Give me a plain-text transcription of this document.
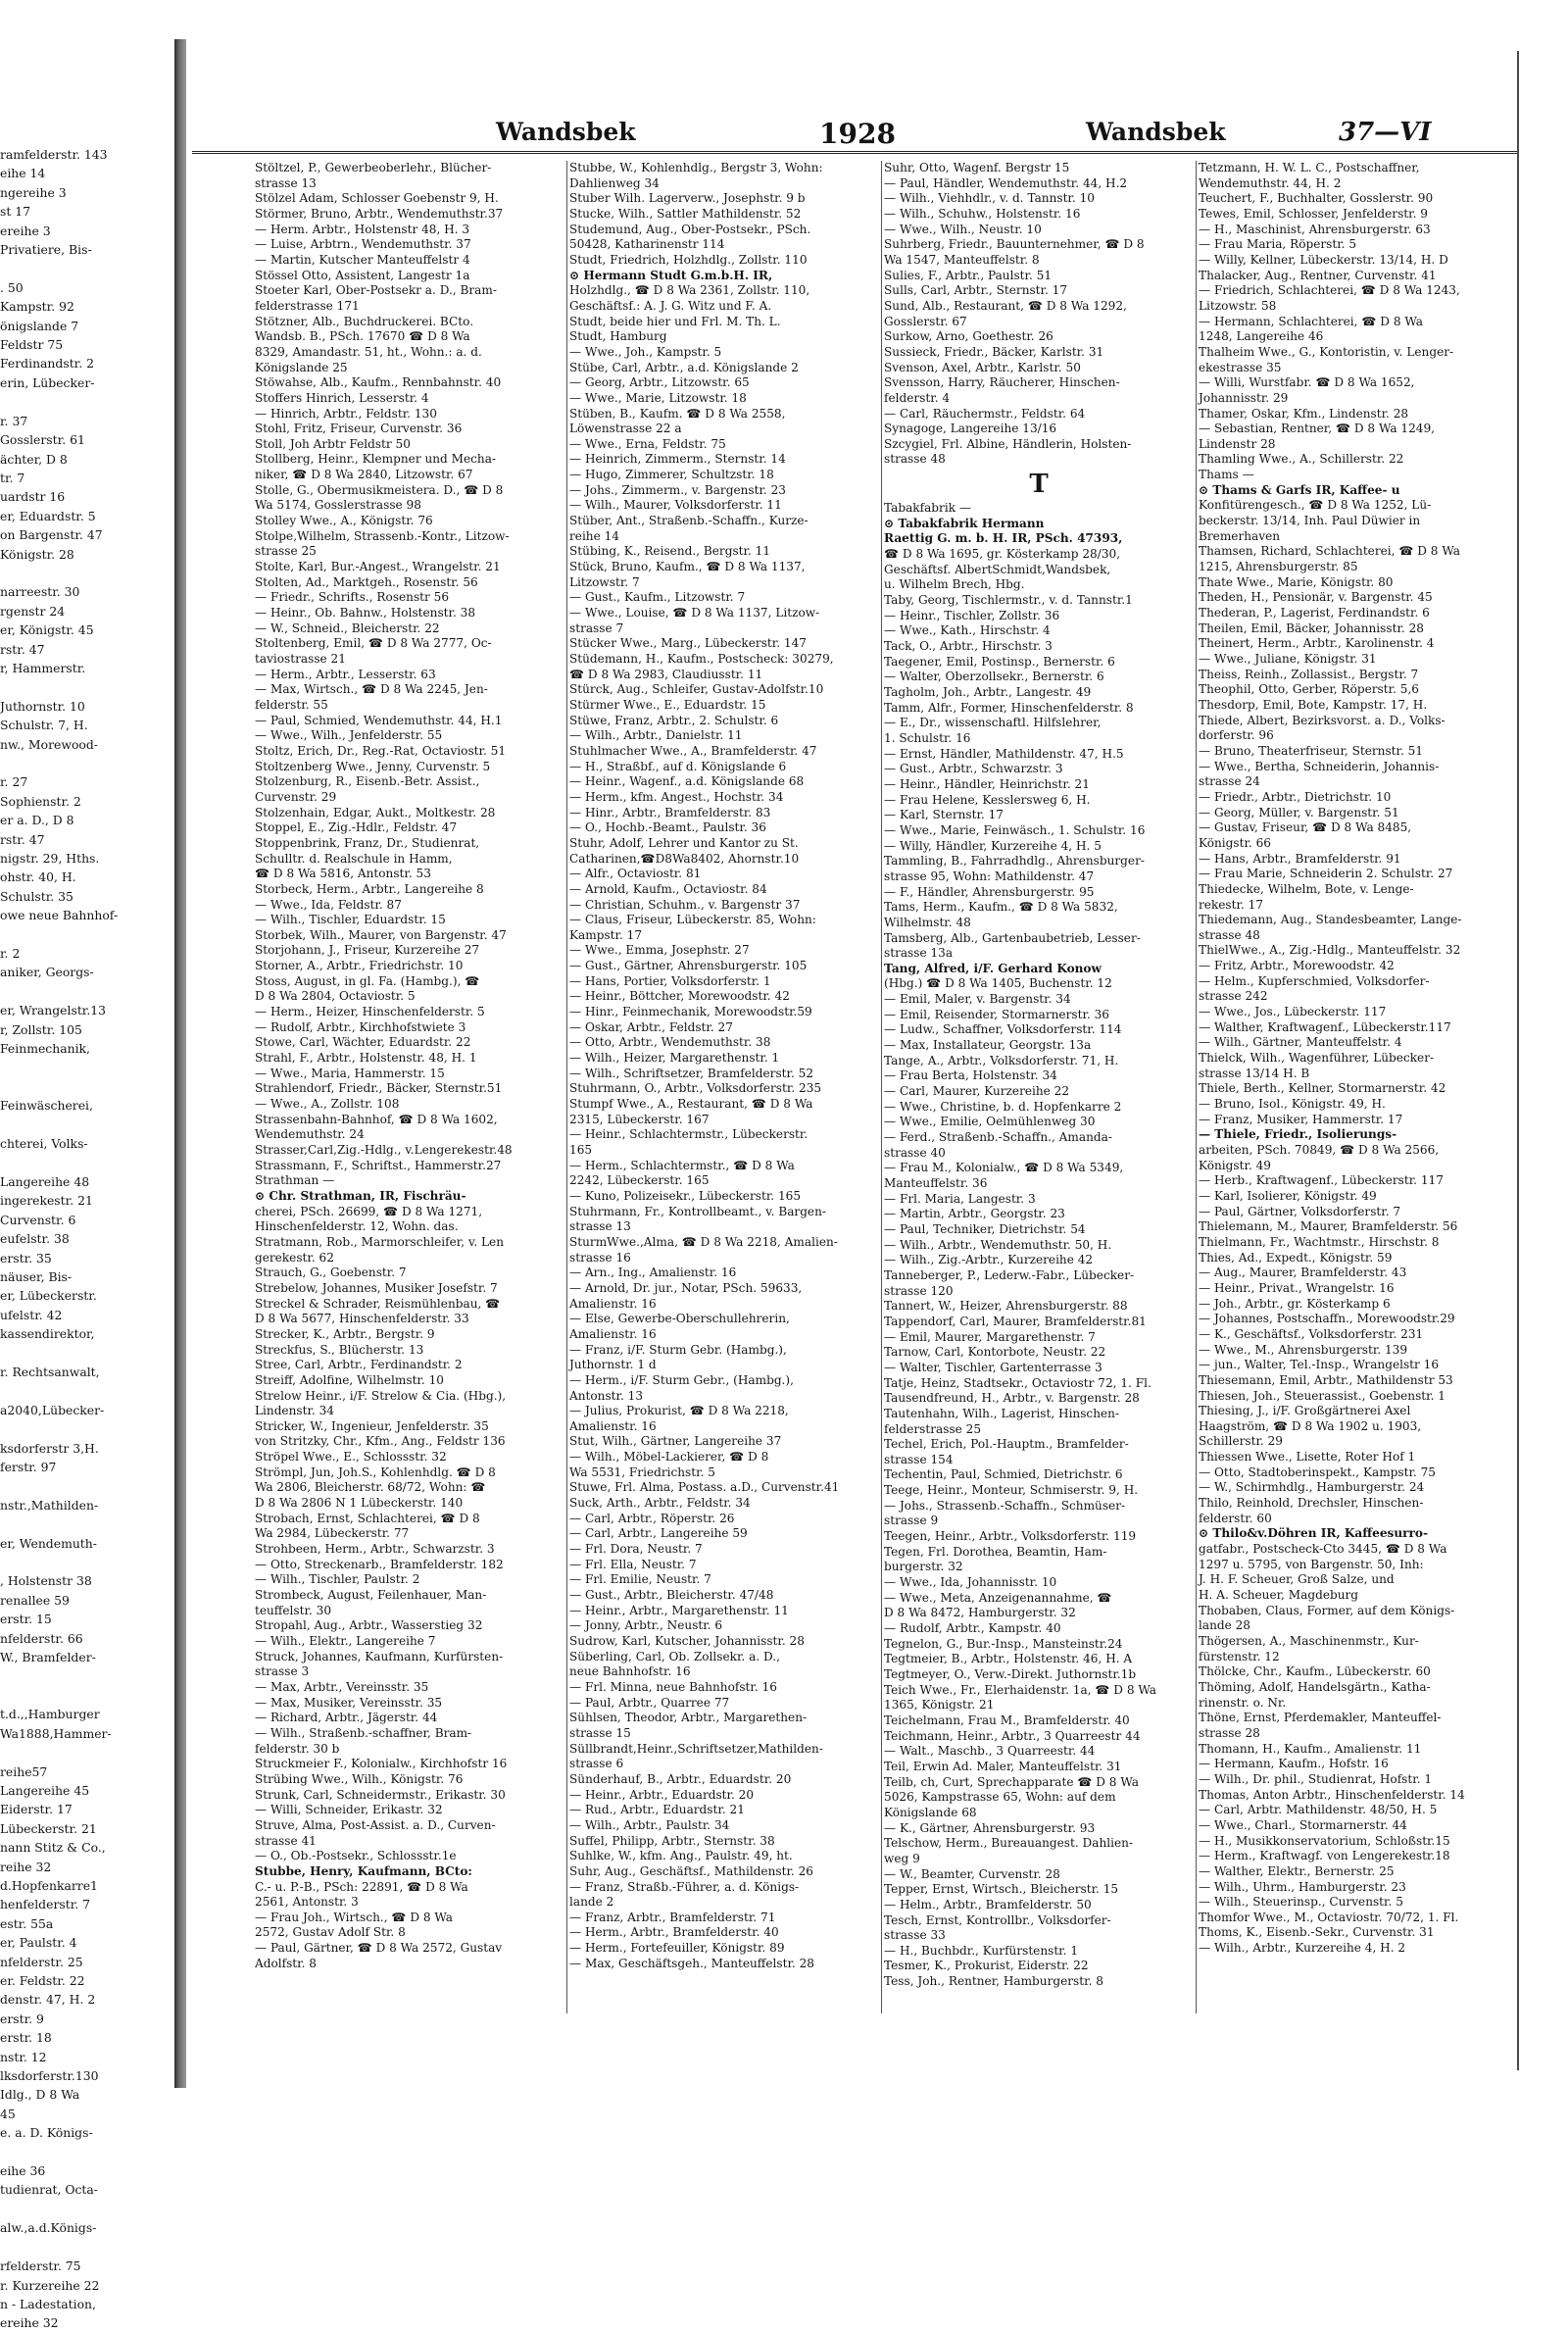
ramfelderstr. 143
eihe 14
ngereihe 3
st 17
ereihe 3
Privatiere, Bis-

. 50
Kampstr. 92
önigslande 7
Feldstr 75
Ferdinandstr. 2
erin, Lübecker-

r. 37
Gosslerstr. 61
ächter, D 8
tr. 7
uardstr 16
er, Eduardstr. 5
on Bargenstr. 47
Königstr. 28

narreestr. 30
rgenstr 24
er, Königstr. 45
rstr. 47
r, Hammerstr.

Juthornstr. 10
Schulstr. 7, H.
nw., Morewood-

r. 27
Sophienstr. 2
er a. D., D 8
rstr. 47
nigstr. 29, Hths.
ohstr. 40, H.
Schulstr. 35
owe neue Bahnhof-

r. 2
aniker, Georgs-

er, Wrangelstr.13
r, Zollstr. 105
Feinmechanik,

Feinwäscherei,

chterei, Volks-

Langereihe 48
ingerekestr. 21
Curvenstr. 6
eufelstr. 38
erstr. 35
näuser, Bis-
er, Lübeckerstr.
ufelstr. 42
kassendirektor,

r. Rechtsanwalt,

a2040,Lübecker-

ksdorferstr 3,H.
ferstr. 97

nstr.,Mathilden-

er, Wendemuth-

, Holstenstr 38
renallee 59
erstr. 15
nfelderstr. 66
W., Bramfelder-

t.d.,,Hamburger
Wa1888,Hammer-

reihe57
Langereihe 45
Eiderstr. 17
Lübeckerstr. 21
nann Stitz & Co.,
reihe 32
d.Hopfenkarre1
henfelderstr. 7
estr. 55a
er, Paulstr. 4
nfelderstr. 25
er. Feldstr. 22
denstr. 47, H. 2
erstr. 9
erstr. 18
nstr. 12
lksdorferstr.130
Idlg., D 8 Wa
45
e. a. D. Königs-

eihe 36
tudienrat, Octa-

alw.,a.d.Königs-

rfelderstr. 75
r. Kurzereihe 22
n - Ladestation,
ereihe 32
Wandsbek	1928	Wandsbek	37—VI
Stöltzel, P., Gewerbeoberlehr., Blücher-
strasse 13
Stölzel Adam, Schlosser Goebenstr 9, H.
Störmer, Bruno, Arbtr., Wendemuthstr.37
— Herm. Arbtr., Holstenstr 48, H. 3
— Luise, Arbtrn., Wendemuthstr. 37
— Martin, Kutscher Manteuffelstr 4
Stössel Otto, Assistent, Langestr 1a
Stoeter Karl, Ober-Postsekr a. D., Bram-
felderstrasse 171
Stötzner, Alb., Buchdruckerei. BCto.
Wandsb. B., PSch. 17670 ☎ D 8 Wa
8329, Amandastr. 51, ht., Wohn.: a. d.
Königslande 25
Stöwahse, Alb., Kaufm., Rennbahnstr. 40
Stoffers Hinrich, Lesserstr. 4
— Hinrich, Arbtr., Feldstr. 130
Stohl, Fritz, Friseur, Curvenstr. 36
Stoll, Joh Arbtr Feldstr 50
Stollberg, Heinr., Klempner und Mecha-
niker, ☎ D 8 Wa 2840, Litzowstr. 67
Stolle, G., Obermusikmeistera. D., ☎ D 8
Wa 5174, Gosslerstrasse 98
Stolley Wwe., A., Königstr. 76
Stolpe,Wilhelm, Strassenb.-Kontr., Litzow-
strasse 25
Stolte, Karl, Bur.-Angest., Wrangelstr. 21
Stolten, Ad., Marktgeh., Rosenstr. 56
— Friedr., Schrifts., Rosenstr 56
— Heinr., Ob. Bahnw., Holstenstr. 38
— W., Schneid., Bleicherstr. 22
Stoltenberg, Emil, ☎ D 8 Wa 2777, Oc-
taviostrasse 21
— Herm., Arbtr., Lesserstr. 63
— Max, Wirtsch., ☎ D 8 Wa 2245, Jen-
felderstr. 55
— Paul, Schmied, Wendemuthstr. 44, H.1
— Wwe., Wilh., Jenfelderstr. 55
Stoltz, Erich, Dr., Reg.-Rat, Octaviostr. 51
Stoltzenberg Wwe., Jenny, Curvenstr. 5
Stolzenburg, R., Eisenb.-Betr. Assist.,
Curvenstr. 29
Stolzenhain, Edgar, Aukt., Moltkestr. 28
Stoppel, E., Zig.-Hdlr., Feldstr. 47
Stoppenbrink, Franz, Dr., Studienrat,
Schulltr. d. Realschule in Hamm,
☎ D 8 Wa 5816, Antonstr. 53
Storbeck, Herm., Arbtr., Langereihe 8
— Wwe., Ida, Feldstr. 87
— Wilh., Tischler, Eduardstr. 15
Storbek, Wilh., Maurer, von Bargenstr. 47
Storjohann, J., Friseur, Kurzereihe 27
Storner, A., Arbtr., Friedrichstr. 10
Stoss, August, in gl. Fa. (Hambg.), ☎
D 8 Wa 2804, Octaviostr. 5
— Herm., Heizer, Hinschenfelderstr. 5
— Rudolf, Arbtr., Kirchhofstwiete 3
Stowe, Carl, Wächter, Eduardstr. 22
Strahl, F., Arbtr., Holstenstr. 48, H. 1
— Wwe., Maria, Hammerstr. 15
Strahlendorf, Friedr., Bäcker, Sternstr.51
— Wwe., A., Zollstr. 108
Strassenbahn-Bahnhof, ☎ D 8 Wa 1602,
Wendemuthstr. 24
Strasser,Carl,Zig.-Hdlg., v.Lengerekestr.48
Strassmann, F., Schriftst., Hammerstr.27
Strathman —
⊙ Chr. Strathman, IR, Fischräu-
cherei, PSch. 26699, ☎ D 8 Wa 1271,
Hinschenfelderstr. 12, Wohn. das.
Stratmann, Rob., Marmorschleifer, v. Len
gerekestr. 62
Strauch, G., Goebenstr. 7
Strebelow, Johannes, Musiker Josefstr. 7
Streckel & Schrader, Reismühlenbau, ☎
D 8 Wa 5677, Hinschenfelderstr. 33
Strecker, K., Arbtr., Bergstr. 9
Streckfus, S., Blücherstr. 13
Stree, Carl, Arbtr., Ferdinandstr. 2
Streiff, Adolfine, Wilhelmstr. 10
Strelow Heinr., i/F. Strelow & Cia. (Hbg.),
Lindenstr. 34
Stricker, W., Ingenieur, Jenfelderstr. 35
von Stritzky, Chr., Kfm., Ang., Feldstr 136
Ströpel Wwe., E., Schlossstr. 32
Strömpl, Jun, Joh.S., Kohlenhdlg. ☎ D 8
Wa 2806, Bleicherstr. 68/72, Wohn: ☎
D 8 Wa 2806 N 1 Lübeckerstr. 140
Strobach, Ernst, Schlachterei, ☎ D 8
Wa 2984, Lübeckerstr. 77
Strohbeen, Herm., Arbtr., Schwarzstr. 3
— Otto, Streckenarb., Bramfelderstr. 182
— Wilh., Tischler, Paulstr. 2
Strombeck, August, Feilenhauer, Man-
teuffelstr. 30
Stropahl, Aug., Arbtr., Wasserstieg 32
— Wilh., Elektr., Langereihe 7
Struck, Johannes, Kaufmann, Kurfürsten-
strasse 3
— Max, Arbtr., Vereinsstr. 35
— Max, Musiker, Vereinsstr. 35
— Richard, Arbtr., Jägerstr. 44
— Wilh., Straßenb.-schaffner, Bram-
felderstr. 30 b
Struckmeier F., Kolonialw., Kirchhofstr 16
Strübing Wwe., Wilh., Königstr. 76
Strunk, Carl, Schneidermstr., Erikastr. 30
— Willi, Schneider, Erikastr. 32
Struve, Alma, Post-Assist. a. D., Curven-
strasse 41
— O., Ob.-Postsekr., Schlossstr.1e
Stubbe, Henry, Kaufmann, BCto:
C.- u. P.-B., PSch: 22891, ☎ D 8 Wa
2561, Antonstr. 3
— Frau Joh., Wirtsch., ☎ D 8 Wa
2572, Gustav Adolf Str. 8
— Paul, Gärtner, ☎ D 8 Wa 2572, Gustav
Adolfstr. 8
Stubbe, W., Kohlenhdlg., Bergstr 3, Wohn:
Dahlienweg 34
Stuber Wilh. Lagerverw., Josephstr. 9 b
Stucke, Wilh., Sattler Mathildenstr. 52
Studemund, Aug., Ober-Postsekr., PSch.
50428, Katharinenstr 114
Studt, Friedrich, Holzhdlg., Zollstr. 110
⊙ Hermann Studt G.m.b.H. IR,
Holzhdlg., ☎ D 8 Wa 2361, Zollstr. 110,
Geschäftsf.: A. J. G. Witz und F. A.
Studt, beide hier und Frl. M. Th. L.
Studt, Hamburg
— Wwe., Joh., Kampstr. 5
Stübe, Carl, Arbtr., a.d. Königslande 2
— Georg, Arbtr., Litzowstr. 65
— Wwe., Marie, Litzowstr. 18
Stüben, B., Kaufm. ☎ D 8 Wa 2558,
Löwenstrasse 22 a
— Wwe., Erna, Feldstr. 75
— Heinrich, Zimmerm., Sternstr. 14
— Hugo, Zimmerer, Schultzstr. 18
— Johs., Zimmerm., v. Bargenstr. 23
— Wilh., Maurer, Volksdorferstr. 11
Stüber, Ant., Straßenb.-Schaffn., Kurze-
reihe 14
Stübing, K., Reisend., Bergstr. 11
Stück, Bruno, Kaufm., ☎ D 8 Wa 1137,
Litzowstr. 7
— Gust., Kaufm., Litzowstr. 7
— Wwe., Louise, ☎ D 8 Wa 1137, Litzow-
strasse 7
Stücker Wwe., Marg., Lübeckerstr. 147
Stüdemann, H., Kaufm., Postscheck: 30279,
☎ D 8 Wa 2983, Claudiusstr. 11
Stürck, Aug., Schleifer, Gustav-Adolfstr.10
Stürmer Wwe., E., Eduardstr. 15
Stüwe, Franz, Arbtr., 2. Schulstr. 6
— Wilh., Arbtr., Danielstr. 11
Stuhlmacher Wwe., A., Bramfelderstr. 47
— H., Straßbf., auf d. Königslande 6
— Heinr., Wagenf., a.d. Königslande 68
— Herm., kfm. Angest., Hochstr. 34
— Hinr., Arbtr., Bramfelderstr. 83
— O., Hochb.-Beamt., Paulstr. 36
Stuhr, Adolf, Lehrer und Kantor zu St.
Catharinen,☎D8Wa8402, Ahornstr.10
— Alfr., Octaviostr. 81
— Arnold, Kaufm., Octaviostr. 84
— Christian, Schuhm., v. Bargenstr 37
— Claus, Friseur, Lübeckerstr. 85, Wohn:
Kampstr. 17
— Wwe., Emma, Josephstr. 27
— Gust., Gärtner, Ahrensburgerstr. 105
— Hans, Portier, Volksdorferstr. 1
— Heinr., Böttcher, Morewoodstr. 42
— Hinr., Feinmechanik, Morewoodstr.59
— Oskar, Arbtr., Feldstr. 27
— Otto, Arbtr., Wendemuthstr. 38
— Wilh., Heizer, Margarethenstr. 1
— Wilh., Schriftsetzer, Bramfelderstr. 52
Stuhrmann, O., Arbtr., Volksdorferstr. 235
Stumpf Wwe., A., Restaurant, ☎ D 8 Wa
2315, Lübeckerstr. 167
— Heinr., Schlachtermstr., Lübeckerstr.
165
— Herm., Schlachtermstr., ☎ D 8 Wa
2242, Lübeckerstr. 165
— Kuno, Polizeisekr., Lübeckerstr. 165
Stuhrmann, Fr., Kontrollbeamt., v. Bargen-
strasse 13
SturmWwe.,Alma, ☎ D 8 Wa 2218, Amalien-
strasse 16
— Arn., Ing., Amalienstr. 16
— Arnold, Dr. jur., Notar, PSch. 59633,
Amalienstr. 16
— Else, Gewerbe-Oberschullehrerin,
Amalienstr. 16
— Franz, i/F. Sturm Gebr. (Hambg.),
Juthornstr. 1 d
— Herm., i/F. Sturm Gebr., (Hambg.),
Antonstr. 13
— Julius, Prokurist, ☎ D 8 Wa 2218,
Amalienstr. 16
Stut, Wilh., Gärtner, Langereihe 37
— Wilh., Möbel-Lackierer, ☎ D 8
Wa 5531, Friedrichstr. 5
Stuwe, Frl. Alma, Postass. a.D., Curvenstr.41
Suck, Arth., Arbtr., Feldstr. 34
— Carl, Arbtr., Röperstr. 26
— Carl, Arbtr., Langereihe 59
— Frl. Dora, Neustr. 7
— Frl. Ella, Neustr. 7
— Frl. Emilie, Neustr. 7
— Gust., Arbtr., Bleicherstr. 47/48
— Heinr., Arbtr., Margarethenstr. 11
— Jonny, Arbtr., Neustr. 6
Sudrow, Karl, Kutscher, Johannisstr. 28
Süberling, Carl, Ob. Zollsekr. a. D.,
neue Bahnhofstr. 16
— Frl. Minna, neue Bahnhofstr. 16
— Paul, Arbtr., Quarree 77
Sühlsen, Theodor, Arbtr., Margarethen-
strasse 15
Süllbrandt,Heinr.,Schriftsetzer,Mathilden-
strasse 6
Sünderhauf, B., Arbtr., Eduardstr. 20
— Heinr., Arbtr., Eduardstr. 20
— Rud., Arbtr., Eduardstr. 21
— Wilh., Arbtr., Paulstr. 34
Suffel, Philipp, Arbtr., Sternstr. 38
Suhlke, W., kfm. Ang., Paulstr. 49, ht.
Suhr, Aug., Geschäftsf., Mathildenstr. 26
— Franz, Straßb.-Führer, a. d. Königs-
lande 2
— Franz, Arbtr., Bramfelderstr. 71
— Herm., Arbtr., Bramfelderstr. 40
— Herm., Fortefeuiller, Königstr. 89
— Max, Geschäftsgeh., Manteuffelstr. 28
Suhr, Otto, Wagenf. Bergstr 15
— Paul, Händler, Wendemuthstr. 44, H.2
— Wilh., Viehhdlr., v. d. Tannstr. 10
— Wilh., Schuhw., Holstenstr. 16
— Wwe., Wilh., Neustr. 10
Suhrberg, Friedr., Bauunternehmer, ☎ D 8
Wa 1547, Manteuffelstr. 8
Sulies, F., Arbtr., Paulstr. 51
Sulls, Carl, Arbtr., Sternstr. 17
Sund, Alb., Restaurant, ☎ D 8 Wa 1292,
Gosslerstr. 67
Surkow, Arno, Goethestr. 26
Sussieck, Friedr., Bäcker, Karlstr. 31
Svenson, Axel, Arbtr., Karlstr. 50
Svensson, Harry, Räucherer, Hinschen-
felderstr. 4
— Carl, Räuchermstr., Feldstr. 64
Synagoge, Langereihe 13/16
Szcygiel, Frl. Albine, Händlerin, Holsten-
strasse 48
T
Tabakfabrik —
⊙ Tabakfabrik Hermann
Raettig G. m. b. H. IR, PSch. 47393,
☎ D 8 Wa 1695, gr. Kösterkamp 28/30,
Geschäftsf. AlbertSchmidt,Wandsbek,
u. Wilhelm Brech, Hbg.
Taby, Georg, Tischlermstr., v. d. Tannstr.1
— Heinr., Tischler, Zollstr. 36
— Wwe., Kath., Hirschstr. 4
Tack, O., Arbtr., Hirschstr. 3
Taegener, Emil, Postinsp., Bernerstr. 6
— Walter, Oberzollsekr., Bernerstr. 6
Tagholm, Joh., Arbtr., Langestr. 49
Tamm, Alfr., Former, Hinschenfelderstr. 8
— E., Dr., wissenschaftl. Hilfslehrer,
1. Schulstr. 16
— Ernst, Händler, Mathildenstr. 47, H.5
— Gust., Arbtr., Schwarzstr. 3
— Heinr., Händler, Heinrichstr. 21
— Frau Helene, Kesslersweg 6, H.
— Karl, Sternstr. 17
— Wwe., Marie, Feinwäsch., 1. Schulstr. 16
— Willy, Händler, Kurzereihe 4, H. 5
Tammling, B., Fahrradhdlg., Ahrensburger-
strasse 95, Wohn: Mathildenstr. 47
— F., Händler, Ahrensburgerstr. 95
Tams, Herm., Kaufm., ☎ D 8 Wa 5832,
Wilhelmstr. 48
Tamsberg, Alb., Gartenbaubetrieb, Lesser-
strasse 13a
Tang, Alfred, i/F. Gerhard Konow
(Hbg.) ☎ D 8 Wa 1405, Buchenstr. 12
— Emil, Maler, v. Bargenstr. 34
— Emil, Reisender, Stormarnerstr. 36
— Ludw., Schaffner, Volksdorferstr. 114
— Max, Installateur, Georgstr. 13a
Tange, A., Arbtr., Volksdorferstr. 71, H.
— Frau Berta, Holstenstr. 34
— Carl, Maurer, Kurzereihe 22
— Wwe., Christine, b. d. Hopfenkarre 2
— Wwe., Emilie, Oelmühlenweg 30
— Ferd., Straßenb.-Schaffn., Amanda-
strasse 40
— Frau M., Kolonialw., ☎ D 8 Wa 5349,
Manteuffelstr. 36
— Frl. Maria, Langestr. 3
— Martin, Arbtr., Georgstr. 23
— Paul, Techniker, Dietrichstr. 54
— Wilh., Arbtr., Wendemuthstr. 50, H.
— Wilh., Zig.-Arbtr., Kurzereihe 42
Tanneberger, P., Lederw.-Fabr., Lübecker-
strasse 120
Tannert, W., Heizer, Ahrensburgerstr. 88
Tappendorf, Carl, Maurer, Bramfelderstr.81
— Emil, Maurer, Margarethenstr. 7
Tarnow, Carl, Kontorbote, Neustr. 22
— Walter, Tischler, Gartenterrasse 3
Tatje, Heinz, Stadtsekr., Octaviostr 72, 1. Fl.
Tausendfreund, H., Arbtr., v. Bargenstr. 28
Tautenhahn, Wilh., Lagerist, Hinschen-
felderstrasse 25
Techel, Erich, Pol.-Hauptm., Bramfelder-
strasse 154
Techentin, Paul, Schmied, Dietrichstr. 6
Teege, Heinr., Monteur, Schmiserstr. 9, H.
— Johs., Strassenb.-Schaffn., Schmüser-
strasse 9
Teegen, Heinr., Arbtr., Volksdorferstr. 119
Tegen, Frl. Dorothea, Beamtin, Ham-
burgerstr. 32
— Wwe., Ida, Johannisstr. 10
— Wwe., Meta, Anzeigenannahme, ☎
D 8 Wa 8472, Hamburgerstr. 32
— Rudolf, Arbtr., Kampstr. 40
Tegnelon, G., Bur.-Insp., Mansteinstr.24
Tegtmeier, B., Arbtr., Holstenstr. 46, H. A
Tegtmeyer, O., Verw.-Direkt. Juthornstr.1b
Teich Wwe., Fr., Elerhaidenstr. 1a, ☎ D 8 Wa
1365, Königstr. 21
Teichelmann, Frau M., Bramfelderstr. 40
Teichmann, Heinr., Arbtr., 3 Quarreestr 44
— Walt., Maschb., 3 Quarreestr. 44
Teil, Erwin Ad. Maler, Manteuffelstr. 31
Teilb, ch, Curt, Sprechapparate ☎ D 8 Wa
5026, Kampstrasse 65, Wohn: auf dem
Königslande 68
— K., Gärtner, Ahrensburgerstr. 93
Telschow, Herm., Bureauangest. Dahlien-
weg 9
— W., Beamter, Curvenstr. 28
Tepper, Ernst, Wirtsch., Bleicherstr. 15
— Helm., Arbtr., Bramfelderstr. 50
Tesch, Ernst, Kontrollbr., Volksdorfer-
strasse 33
— H., Buchbdr., Kurfürstenstr. 1
Tesmer, K., Prokurist, Eiderstr. 22
Tess, Joh., Rentner, Hamburgerstr. 8
Tetzmann, H. W. L. C., Postschaffner,
Wendemuthstr. 44, H. 2
Teuchert, F., Buchhalter, Gosslerstr. 90
Tewes, Emil, Schlosser, Jenfelderstr. 9
— H., Maschinist, Ahrensburgerstr. 63
— Frau Maria, Röperstr. 5
— Willy, Kellner, Lübeckerstr. 13/14, H. D
Thalacker, Aug., Rentner, Curvenstr. 41
— Friedrich, Schlachterei, ☎ D 8 Wa 1243,
Litzowstr. 58
— Hermann, Schlachterei, ☎ D 8 Wa
1248, Langereihe 46
Thalheim Wwe., G., Kontoristin, v. Lenger-
ekestrasse 35
— Willi, Wurstfabr. ☎ D 8 Wa 1652,
Johannisstr. 29
Thamer, Oskar, Kfm., Lindenstr. 28
— Sebastian, Rentner, ☎ D 8 Wa 1249,
Lindenstr 28
Thamling Wwe., A., Schillerstr. 22
Thams —
⊙ Thams & Garfs IR, Kaffee- u
Konfitürengesch., ☎ D 8 Wa 1252, Lü-
beckerstr. 13/14, Inh. Paul Düwier in
Bremerhaven
Thamsen, Richard, Schlachterei, ☎ D 8 Wa
1215, Ahrensburgerstr. 85
Thate Wwe., Marie, Königstr. 80
Theden, H., Pensionär, v. Bargenstr. 45
Thederan, P., Lagerist, Ferdinandstr. 6
Theilen, Emil, Bäcker, Johannisstr. 28
Theinert, Herm., Arbtr., Karolinenstr. 4
— Wwe., Juliane, Königstr. 31
Theiss, Reinh., Zollassist., Bergstr. 7
Theophil, Otto, Gerber, Röperstr. 5,6
Thesdorp, Emil, Bote, Kampstr. 17, H.
Thiede, Albert, Bezirksvorst. a. D., Volks-
dorferstr. 96
— Bruno, Theaterfriseur, Sternstr. 51
— Wwe., Bertha, Schneiderin, Johannis-
strasse 24
— Friedr., Arbtr., Dietrichstr. 10
— Georg, Müller, v. Bargenstr. 51
— Gustav, Friseur, ☎ D 8 Wa 8485,
Königstr. 66
— Hans, Arbtr., Bramfelderstr. 91
— Frau Marie, Schneiderin 2. Schulstr. 27
Thiedecke, Wilhelm, Bote, v. Lenge-
rekestr. 17
Thiedemann, Aug., Standesbeamter, Lange-
strasse 48
ThielWwe., A., Zig.-Hdlg., Manteuffelstr. 32
— Fritz, Arbtr., Morewoodstr. 42
— Helm., Kupferschmied, Volksdorfer-
strasse 242
— Wwe., Jos., Lübeckerstr. 117
— Walther, Kraftwagenf., Lübeckerstr.117
— Wilh., Gärtner, Manteuffelstr. 4
Thielck, Wilh., Wagenführer, Lübecker-
strasse 13/14 H. B
Thiele, Berth., Kellner, Stormarnerstr. 42
— Bruno, Isol., Königstr. 49, H.
— Franz, Musiker, Hammerstr. 17
— Thiele, Friedr., Isolierungs-
arbeiten, PSch. 70849, ☎ D 8 Wa 2566,
Königstr. 49
— Herb., Kraftwagenf., Lübeckerstr. 117
— Karl, Isolierer, Königstr. 49
— Paul, Gärtner, Volksdorferstr. 7
Thielemann, M., Maurer, Bramfelderstr. 56
Thielmann, Fr., Wachtmstr., Hirschstr. 8
Thies, Ad., Expedt., Königstr. 59
— Aug., Maurer, Bramfelderstr. 43
— Heinr., Privat., Wrangelstr. 16
— Joh., Arbtr., gr. Kösterkamp 6
— Johannes, Postschaffn., Morewoodstr.29
— K., Geschäftsf., Volksdorferstr. 231
— Wwe., M., Ahrensburgerstr. 139
— jun., Walter, Tel.-Insp., Wrangelstr 16
Thiesemann, Emil, Arbtr., Mathildenstr 53
Thiesen, Joh., Steuerassist., Goebenstr. 1
Thiesing, J., i/F. Großgärtnerei Axel
Haagström, ☎ D 8 Wa 1902 u. 1903,
Schillerstr. 29
Thiessen Wwe., Lisette, Roter Hof 1
— Otto, Stadtoberinspekt., Kampstr. 75
— W., Schirmhdlg., Hamburgerstr. 24
Thilo, Reinhold, Drechsler, Hinschen-
felderstr. 60
⊙ Thilo&v.Döhren IR, Kaffeesurro-
gatfabr., Postscheck-Cto 3445, ☎ D 8 Wa
1297 u. 5795, von Bargenstr. 50, Inh:
J. H. F. Scheuer, Groß Salze, und
H. A. Scheuer, Magdeburg
Thobaben, Claus, Former, auf dem Königs-
lande 28
Thögersen, A., Maschinenmstr., Kur-
fürstenstr. 12
Thölcke, Chr., Kaufm., Lübeckerstr. 60
Thöming, Adolf, Handelsgärtn., Katha-
rinenstr. o. Nr.
Thöne, Ernst, Pferdemakler, Manteuffel-
strasse 28
Thomann, H., Kaufm., Amalienstr. 11
— Hermann, Kaufm., Hofstr. 16
— Wilh., Dr. phil., Studienrat, Hofstr. 1
Thomas, Anton Arbtr., Hinschenfelderstr. 14
— Carl, Arbtr. Mathildenstr. 48/50, H. 5
— Wwe., Charl., Stormarnerstr. 44
— H., Musikkonservatorium, Schloßstr.15
— Herm., Kraftwagf. von Lengerekestr.18
— Walther, Elektr., Bernerstr. 25
— Wilh., Uhrm., Hamburgerstr. 23
— Wilh., Steuerinsp., Curvenstr. 5
Thomfor Wwe., M., Octaviostr. 70/72, 1. Fl.
Thoms, K., Eisenb.-Sekr., Curvenstr. 31
— Wilh., Arbtr., Kurzereihe 4, H. 2
